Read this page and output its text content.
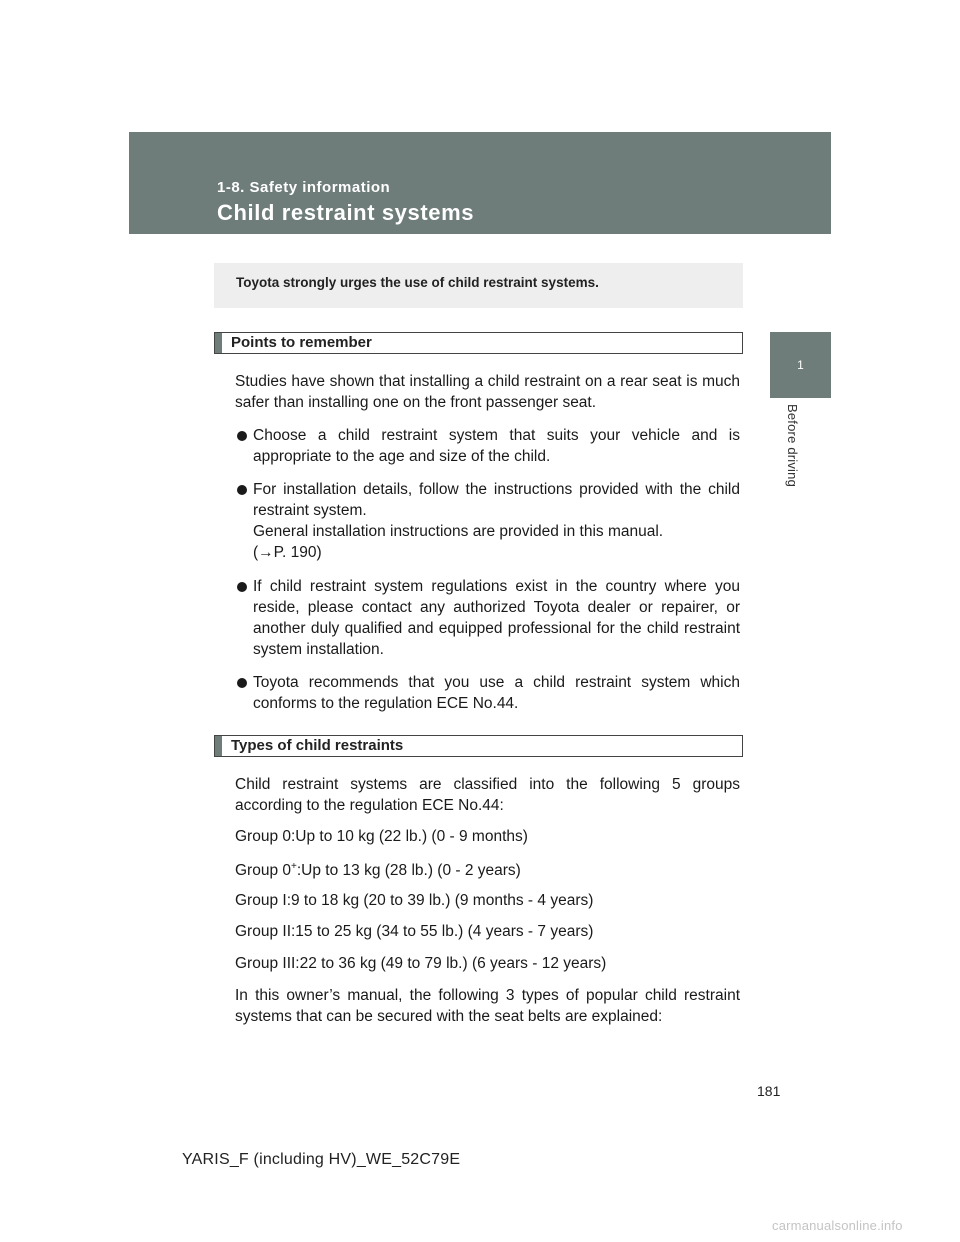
1-8. Safety information
Child restraint systems
1
Before driving
Toyota strongly urges the use of child restraint systems.
Points to remember
Studies have shown that installing a child restraint on a rear seat is much safer than installing one on the front passenger seat.
Choose a child restraint system that suits your vehicle and is appropriate to the age and size of the child.
For installation details, follow the instructions provided with the child restraint system.
General installation instructions are provided in this manual.
(→P. 190)
If child restraint system regulations exist in the country where you reside, please contact any authorized Toyota dealer or repairer, or another duly qualified and equipped professional for the child restraint system installation.
Toyota recommends that you use a child restraint system which conforms to the regulation ECE No.44.
Types of child restraints
Child restraint systems are classified into the following 5 groups according to the regulation ECE No.44:
Group 0:Up to 10 kg (22 lb.) (0 - 9 months)
Group 0+:Up to 13 kg (28 lb.) (0 - 2 years)
Group I:9 to 18 kg (20 to 39 lb.) (9 months - 4 years)
Group II:15 to 25 kg (34 to 55 lb.) (4 years - 7 years)
Group III:22 to 36 kg (49 to 79 lb.) (6 years - 12 years)
In this owner’s manual, the following 3 types of popular child restraint systems that can be secured with the seat belts are explained:
181
YARIS_F (including HV)_WE_52C79E
carmanualsonline.info
